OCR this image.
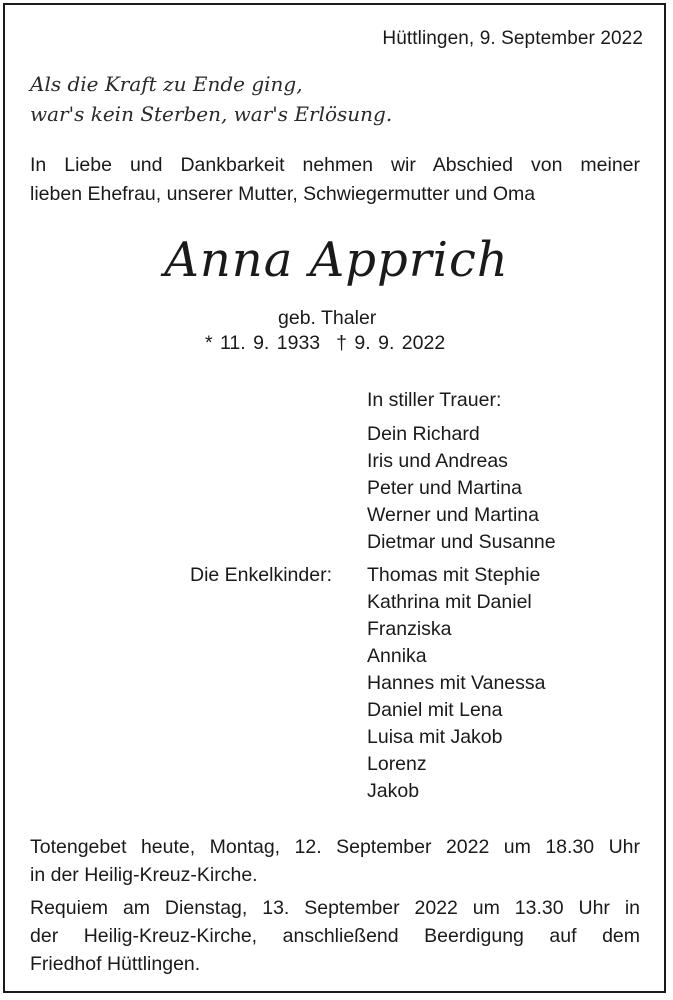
Hüttlingen, 9. September 2022
Als die Kraft zu Ende ging,
war's kein Sterben, war's Erlösung.
In Liebe und Dankbarkeit nehmen wir Abschied von meiner
lieben Ehefrau, unserer Mutter, Schwiegermutter und Oma
Anna Apprich
geb. Thaler
* 11. 9. 1933 † 9. 9. 2022
In stiller Trauer:
Dein Richard
Iris und Andreas
Peter und Martina
Werner und Martina
Dietmar und Susanne
Die Enkelkinder: Thomas mit Stephie
Kathrina mit Daniel
Franziska
Annika
Hannes mit Vanessa
Daniel mit Lena
Luisa mit Jakob
Lorenz
Jakob
Totengebet heute, Montag, 12. September 2022 um 18.30 Uhr
in der Heilig-Kreuz-Kirche.
Requiem am Dienstag, 13. September 2022 um 13.30 Uhr in
der Heilig-Kreuz-Kirche, anschließend Beerdigung auf dem
Friedhof Hüttlingen.
